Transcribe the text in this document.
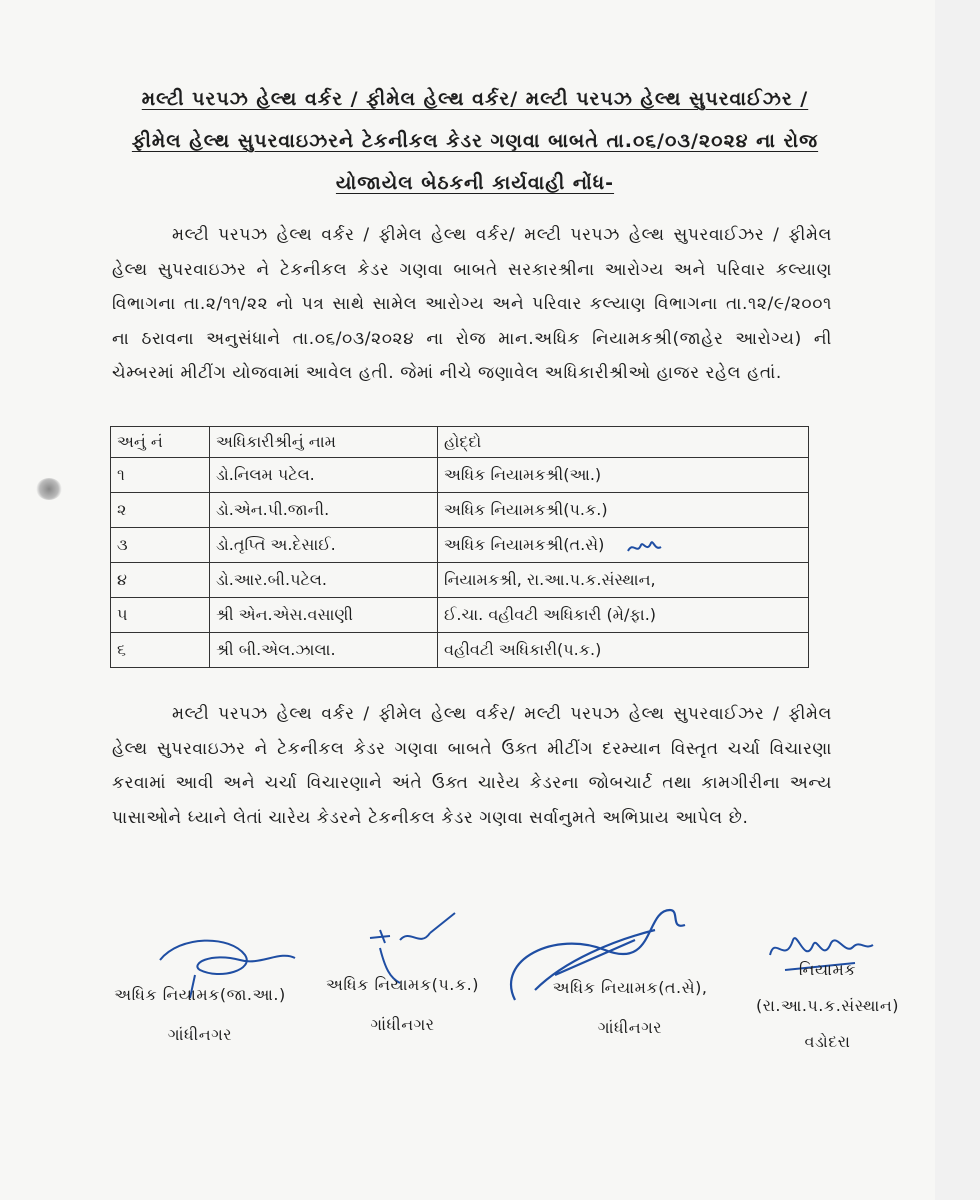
મલ્ટી પરપઝ હેલ્થ વર્કર / ફીમેલ હેલ્થ વર્કર/ મલ્ટી પરપઝ હેલ્થ સુપરવાઈઝર /
ફીમેલ હેલ્થ સુપરવાઇઝરને ટેકનીકલ કેડર ગણવા બાબતે તા.૦૬/૦૩/૨૦૨૪ ના રોજ
યોજાયેલ બેઠકની કાર્યવાહી નોંધ-
મલ્ટી પરપઝ હેલ્થ વર્કર / ફીમેલ હેલ્થ વર્કર/ મલ્ટી પરપઝ હેલ્થ સુપરવાઈઝર / ફીમેલ હેલ્થ સુપરવાઇઝર ને ટેકનીકલ કેડર ગણવા બાબતે સરકારશ્રીના આરોગ્ય અને પરિવાર કલ્યાણ વિભાગના તા.૨/૧૧/૨૨ નો પત્ર સાથે સામેલ આરોગ્ય અને પરિવાર કલ્યાણ વિભાગના તા.૧૨/૯/૨૦૦૧ ના ઠરાવના અનુસંધાને તા.૦૬/૦૩/૨૦૨૪ ના રોજ માન.અધિક નિયામકશ્રી(જાહેર આરોગ્ય) ની ચેમ્બરમાં મીટીંગ યોજવામાં આવેલ હતી. જેમાં નીચે જણાવેલ અધિકારીશ્રીઓ હાજર રહેલ હતાં.
અનું નં	અધિકારીશ્રીનું નામ	હોદ્દો
૧	ડો.નિલમ પટેલ.	અધિક નિયામકશ્રી(આ.)
૨	ડો.એન.પી.જાની.	અધિક નિયામકશ્રી(પ.ક.)
૩	ડો.તૃપ્તિ અ.દેસાઈ.	અધિક નિયામકશ્રી(ત.સે)
૪	ડો.આર.બી.પટેલ.	નિયામકશ્રી, રા.આ.પ.ક.સંસ્થાન,
૫	શ્રી એન.એસ.વસાણી	ઈ.ચા. વહીવટી અધિકારી (મે/ફા.)
૬	શ્રી બી.એલ.ઝાલા.	વહીવટી અધિકારી(પ.ક.)
મલ્ટી પરપઝ હેલ્થ વર્કર / ફીમેલ હેલ્થ વર્કર/ મલ્ટી પરપઝ હેલ્થ સુપરવાઈઝર / ફીમેલ હેલ્થ સુપરવાઇઝર ને ટેકનીકલ કેડર ગણવા બાબતે ઉક્ત મીટીંગ દરમ્યાન વિસ્તૃત ચર્ચા વિચારણા કરવામાં આવી અને ચર્ચા વિચારણાને અંતે ઉક્ત ચારેય કેડરના જોબચાર્ટ તથા કામગીરીના અન્ય પાસાઓને ધ્યાને લેતાં ચારેય કેડરને ટેકનીકલ કેડર ગણવા સર્વાનુમતે અભિપ્રાય આપેલ છે.
અધિક નિયામક(જા.આ.)
ગાંધીનગર
અધિક નિયામક(પ.ક.)
ગાંધીનગર
અધિક નિયામક(ત.સે),
ગાંધીનગર
નિયામક
(રા.આ.પ.ક.સંસ્થાન)
વડોદરા
